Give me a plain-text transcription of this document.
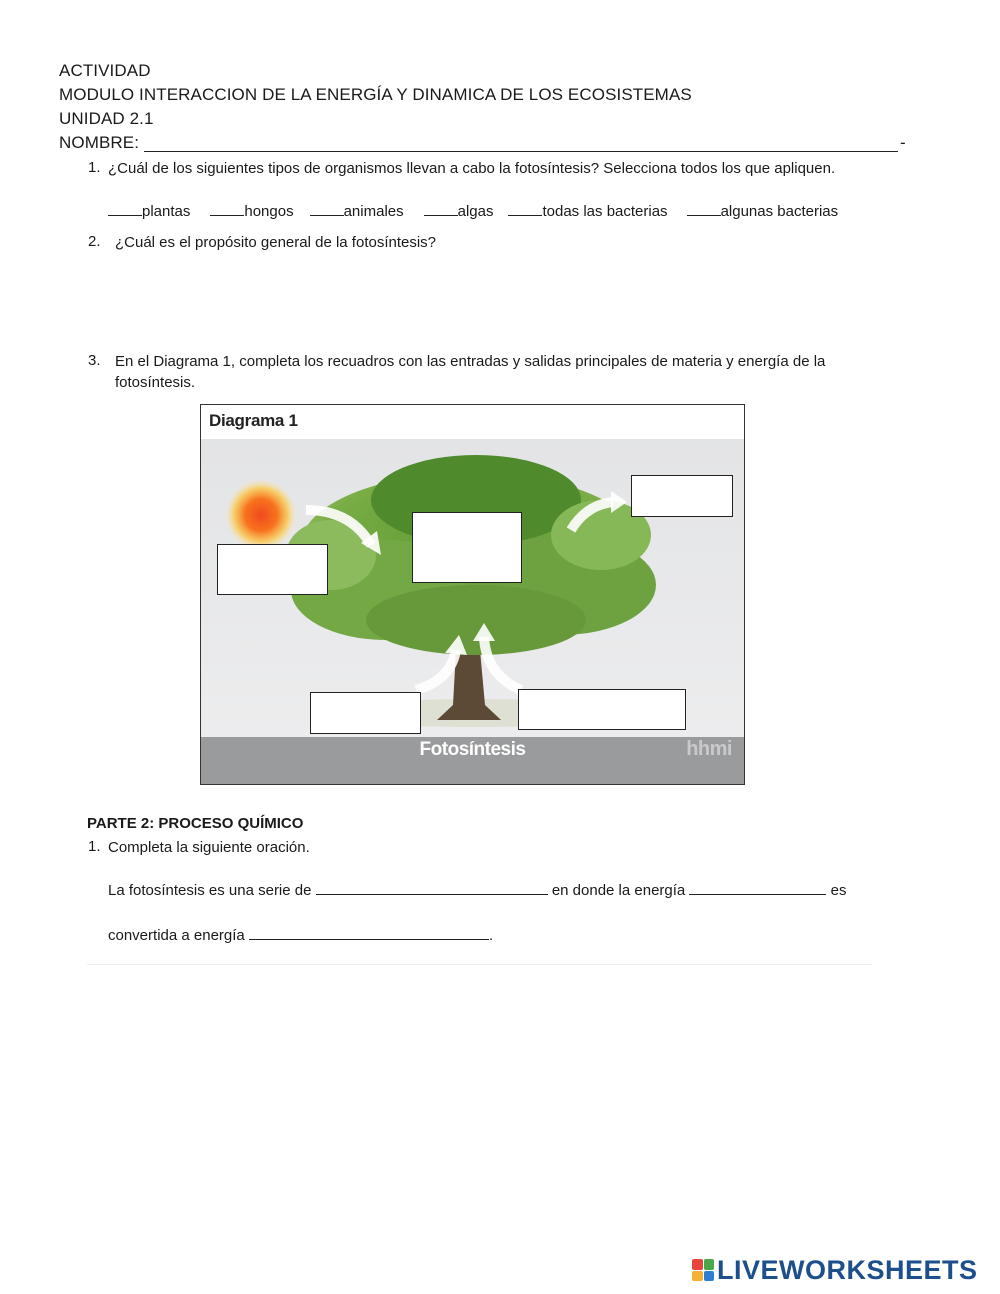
ACTIVIDAD
MODULO INTERACCION DE LA ENERGÍA Y DINAMICA DE LOS ECOSISTEMAS
UNIDAD 2.1
NOMBRE:	-
1. ¿Cuál de los siguientes tipos de organismos llevan a cabo la fotosíntesis? Selecciona todos los que apliquen.
plantas	hongos	animales	algas	todas las bacterias	algunas bacterias
2. ¿Cuál es el propósito general de la fotosíntesis?
3. En el Diagrama 1, completa los recuadros con las entradas y salidas principales de materia y energía de la
fotosíntesis.
Diagrama 1
Fotosíntesis	hhmi
PARTE 2: PROCESO QUÍMICO
1. Completa la siguiente oración.
La fotosíntesis es una serie de	en donde la energía	es
convertida a energía	.
LIVEWORKSHEETS
